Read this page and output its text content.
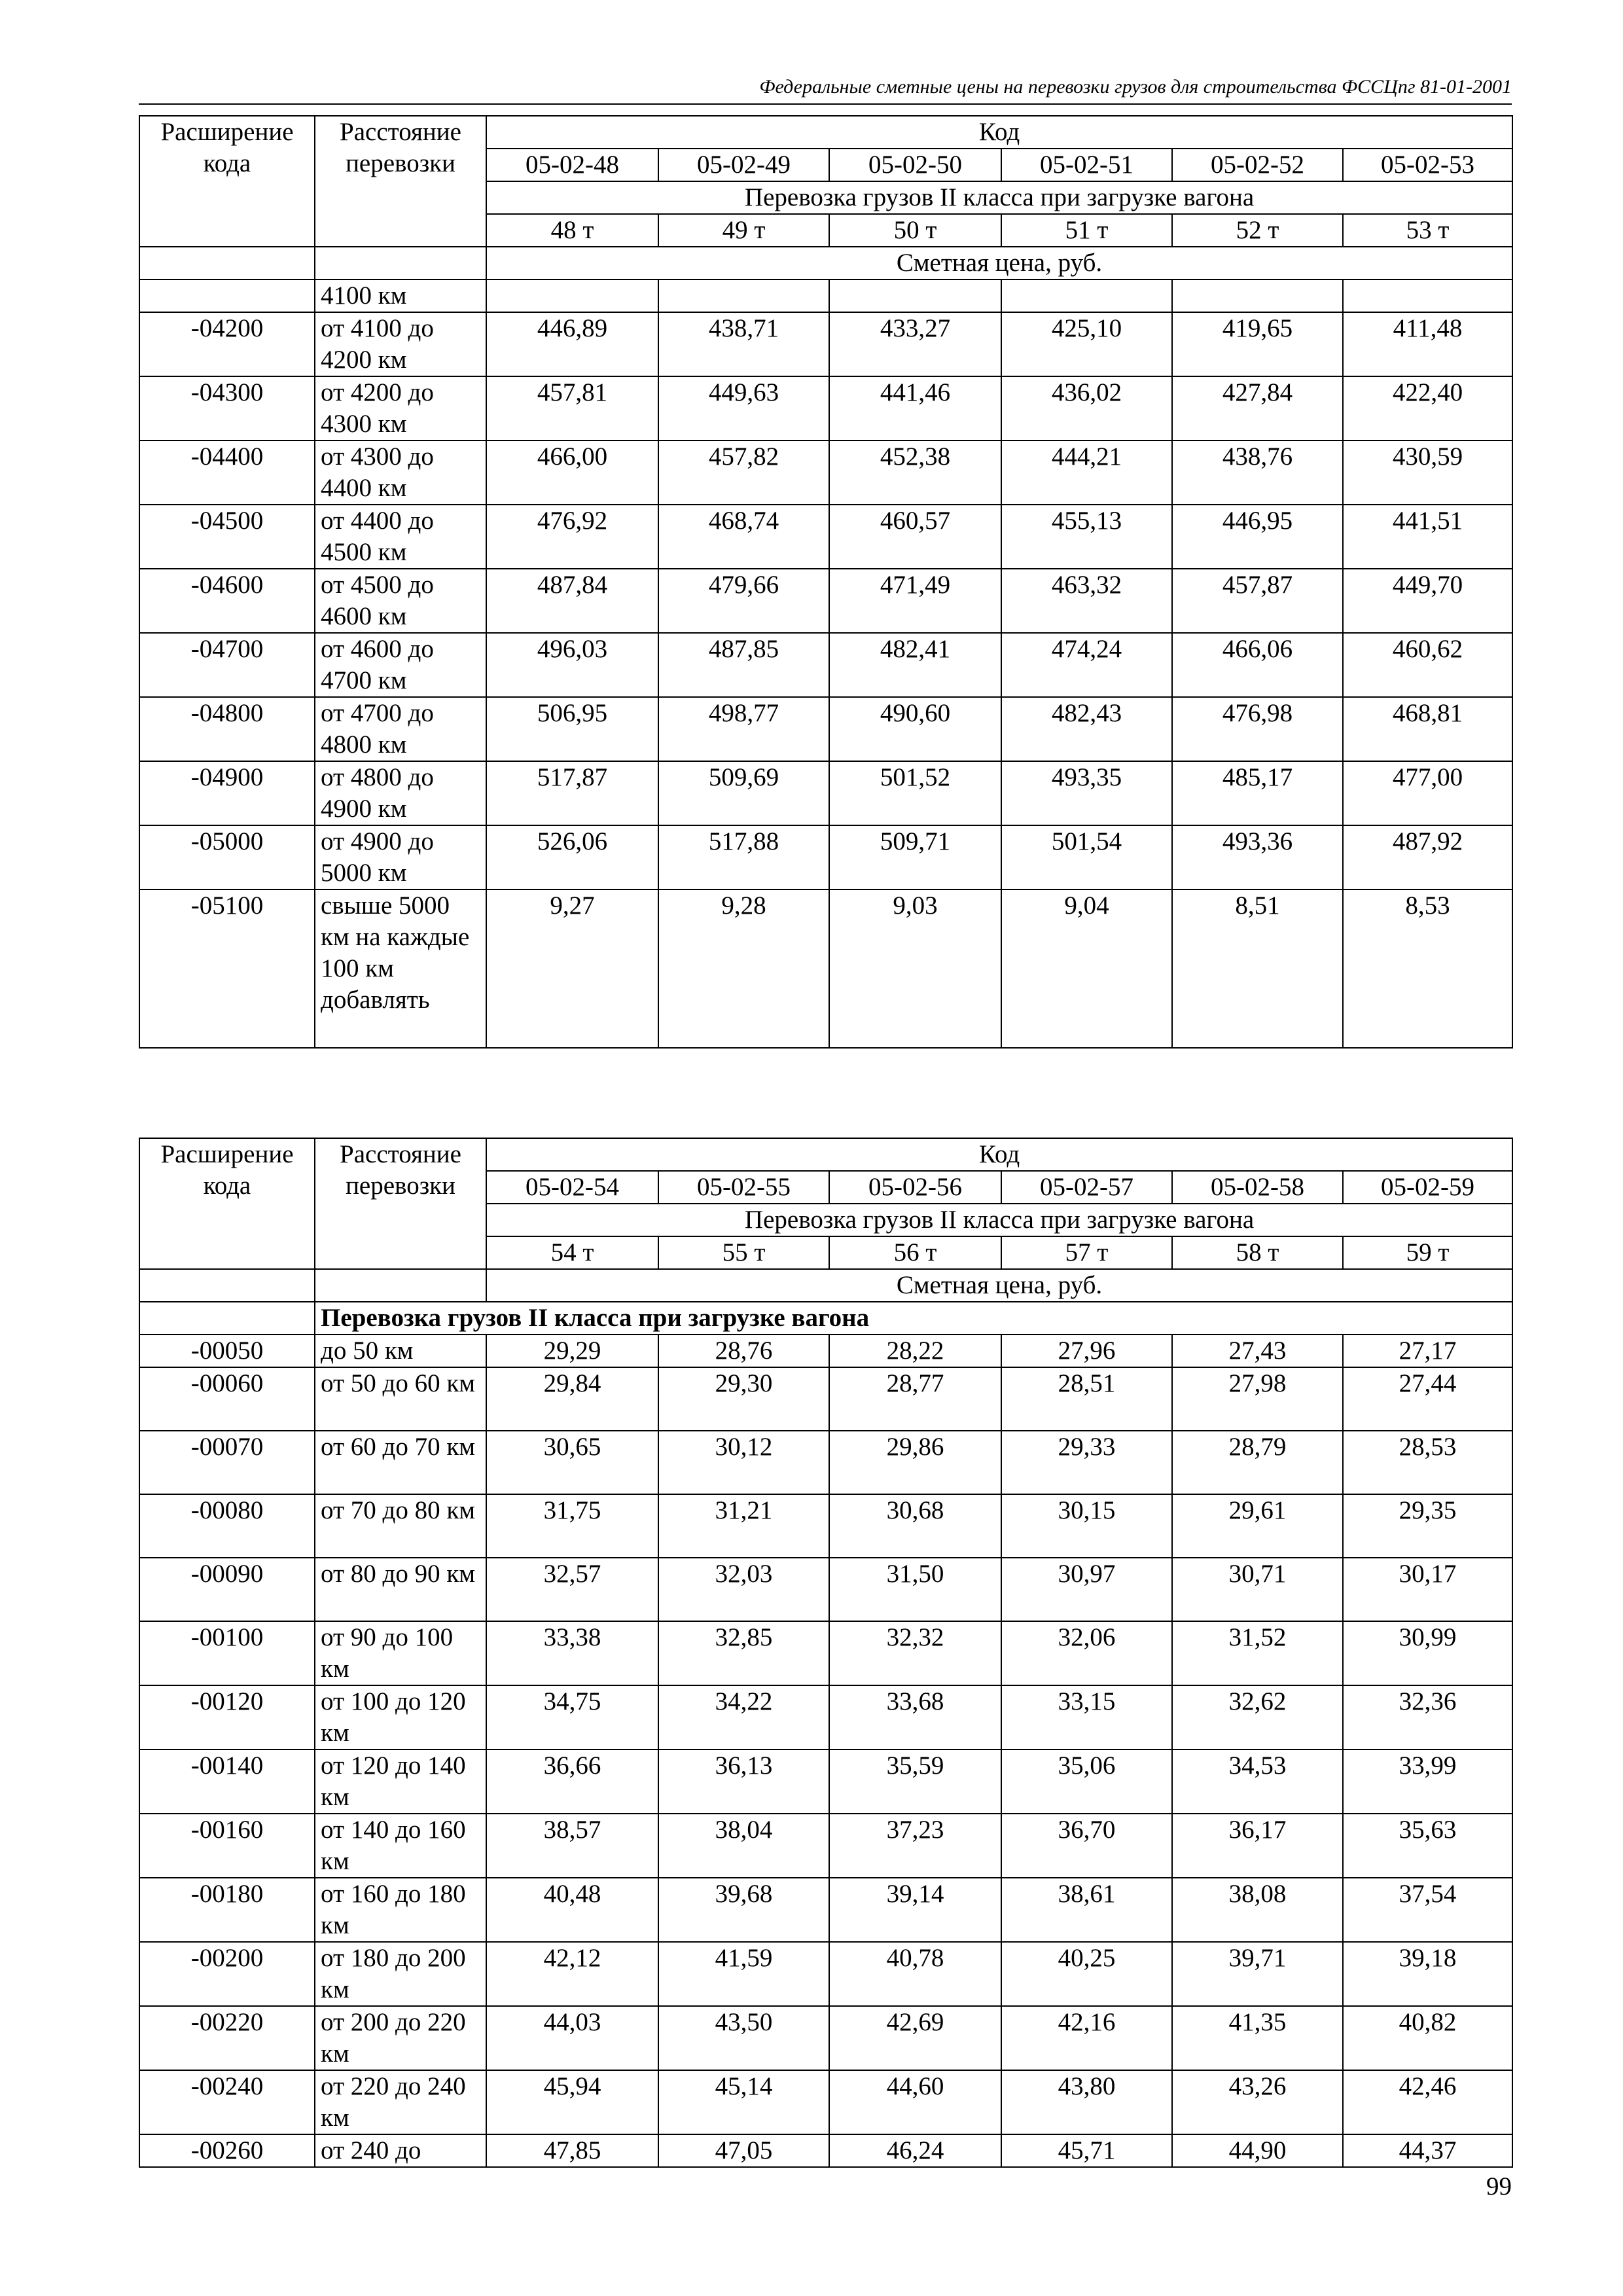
Федеральные сметные цены на перевозки грузов для строительства ФССЦпг 81-01-2001
Расширение кода	Расстояние перевозки	Код					
		05-02-48	05-02-49	05-02-50	05-02-51	05-02-52	05-02-53
		Перевозка грузов II класса при загрузке вагона					
		48 т	49 т	50 т	51 т	52 т	53 т
		Сметная цена, руб.					
	4100 км						
-04200	от 4100 до 4200 км	446,89	438,71	433,27	425,10	419,65	411,48
-04300	от 4200 до 4300 км	457,81	449,63	441,46	436,02	427,84	422,40
-04400	от 4300 до 4400 км	466,00	457,82	452,38	444,21	438,76	430,59
-04500	от 4400 до 4500 км	476,92	468,74	460,57	455,13	446,95	441,51
-04600	от 4500 до 4600 км	487,84	479,66	471,49	463,32	457,87	449,70
-04700	от 4600 до 4700 км	496,03	487,85	482,41	474,24	466,06	460,62
-04800	от 4700 до 4800 км	506,95	498,77	490,60	482,43	476,98	468,81
-04900	от 4800 до 4900 км	517,87	509,69	501,52	493,35	485,17	477,00
-05000	от 4900 до 5000 км	526,06	517,88	509,71	501,54	493,36	487,92
-05100	свыше 5000 км на каждые 100 км добавлять	9,27	9,28	9,03	9,04	8,51	8,53
Расширение кода	Расстояние перевозки	Код					
		05-02-54	05-02-55	05-02-56	05-02-57	05-02-58	05-02-59
		Перевозка грузов II класса при загрузке вагона					
		54 т	55 т	56 т	57 т	58 т	59 т
		Сметная цена, руб.					
	Перевозка грузов II класса при загрузке вагона						
-00050	до 50 км	29,29	28,76	28,22	27,96	27,43	27,17
-00060	от 50 до 60 км	29,84	29,30	28,77	28,51	27,98	27,44
-00070	от 60 до 70 км	30,65	30,12	29,86	29,33	28,79	28,53
-00080	от 70 до 80 км	31,75	31,21	30,68	30,15	29,61	29,35
-00090	от 80 до 90 км	32,57	32,03	31,50	30,97	30,71	30,17
-00100	от 90 до 100 км	33,38	32,85	32,32	32,06	31,52	30,99
-00120	от 100 до 120 км	34,75	34,22	33,68	33,15	32,62	32,36
-00140	от 120 до 140 км	36,66	36,13	35,59	35,06	34,53	33,99
-00160	от 140 до 160 км	38,57	38,04	37,23	36,70	36,17	35,63
-00180	от 160 до 180 км	40,48	39,68	39,14	38,61	38,08	37,54
-00200	от 180 до 200 км	42,12	41,59	40,78	40,25	39,71	39,18
-00220	от 200 до 220 км	44,03	43,50	42,69	42,16	41,35	40,82
-00240	от 220 до 240 км	45,94	45,14	44,60	43,80	43,26	42,46
-00260	от 240 до	47,85	47,05	46,24	45,71	44,90	44,37
99
